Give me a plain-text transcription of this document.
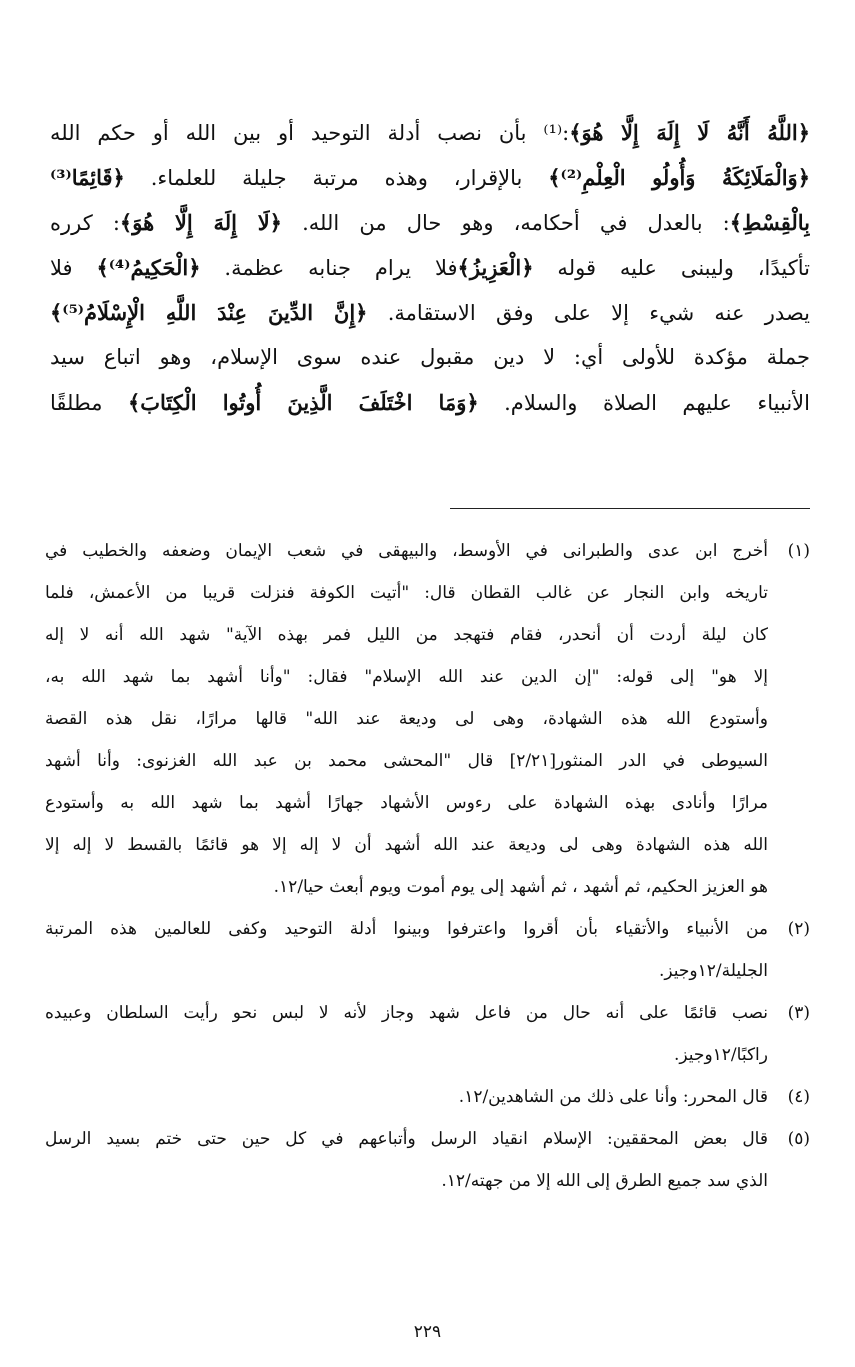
﴿اللَّهُ أَنَّهُ لَا إِلَهَ إِلَّا هُوَ﴾:⁽¹⁾ بأن نصب أدلة التوحيد أو بين الله أو حكم الله
﴿وَالْمَلَائِكَةُ وَأُولُو الْعِلْمِ⁽²⁾﴾ بالإقرار، وهذه مرتبة جليلة للعلماء. ﴿قَائِمًا⁽³⁾
بِالْقِسْطِ﴾: بالعدل في أحكامه، وهو حال من الله. ﴿لَا إِلَهَ إِلَّا هُوَ﴾: كرره
تأكيدًا، وليبنى عليه قوله ﴿الْعَزِيزُ﴾فلا يرام جنابه عظمة. ﴿الْحَكِيمُ⁽⁴⁾﴾ فلا
يصدر عنه شيء إلا على وفق الاستقامة. ﴿إِنَّ الدِّينَ عِنْدَ اللَّهِ الْإِسْلَامُ⁽⁵⁾﴾
جملة مؤكدة للأولى أي: لا دين مقبول عنده سوى الإسلام، وهو اتباع سيد
الأنبياء عليهم الصلاة والسلام. ﴿وَمَا اخْتَلَفَ الَّذِينَ أُوتُوا الْكِتَابَ﴾ مطلقًا
(١)
أخرج ابن عدى والطبرانى في الأوسط، والبيهقى في شعب الإيمان وضعفه والخطيب في
تاريخه وابن النجار عن غالب القطان قال: "أتيت الكوفة فنزلت قريبا من الأعمش، فلما
كان ليلة أردت أن أنحدر، فقام فتهجد من الليل فمر بهذه الآية" شهد الله أنه لا إله
إلا هو" إلى قوله: "إن الدين عند الله الإسلام" فقال: "وأنا أشهد بما شهد الله به،
وأستودع الله هذه الشهادة، وهى لى وديعة عند الله" قالها مرارًا، نقل هذه القصة
السيوطى في الدر المنثور[٢/٢١] قال "المحشى محمد بن عبد الله الغزنوى: وأنا أشهد
مرارًا وأنادى بهذه الشهادة على رءوس الأشهاد جهارًا أشهد بما شهد الله به وأستودع
الله هذه الشهادة وهى لى وديعة عند الله أشهد أن لا إله إلا هو قائمًا بالقسط لا إله إلا
هو العزيز الحكيم، ثم أشهد ، ثم أشهد إلى يوم أموت ويوم أبعث حيا/١٢.
(٢)
من الأنبياء والأتقياء بأن أقروا واعترفوا وبينوا أدلة التوحيد وكفى للعالمين هذه المرتبة
الجليلة/١٢وجيز.
(٣)
نصب قائمًا على أنه حال من فاعل شهد وجاز لأنه لا لبس نحو رأيت السلطان وعبيده
راكبًا/١٢وجيز.
(٤)
قال المحرر: وأنا على ذلك من الشاهدين/١٢.
(٥)
قال بعض المحققين: الإسلام انقياد الرسل وأتباعهم في كل حين حتى ختم بسيد الرسل
الذي سد جميع الطرق إلى الله إلا من جهته/١٢.
٢٢٩
